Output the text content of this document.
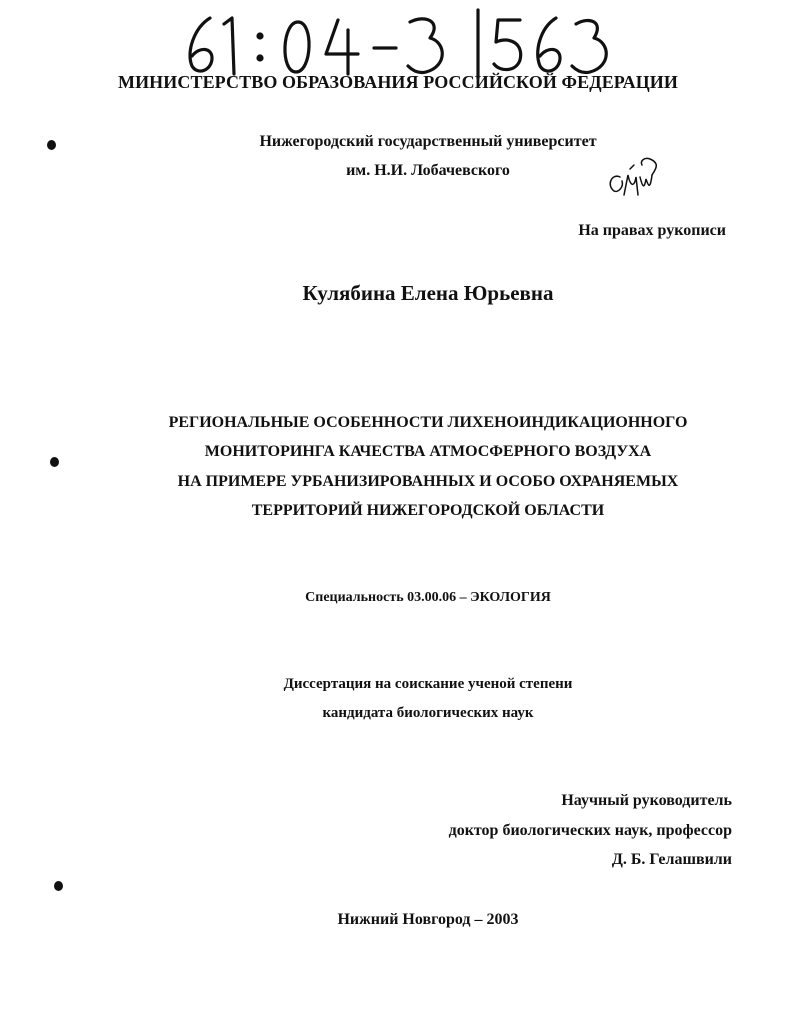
МИНИСТЕРСТВО ОБРАЗОВАНИЯ РОССИЙСКОЙ ФЕДЕРАЦИИ
Нижегородский государственный университет
им. Н.И. Лобачевского
На правах рукописи
Кулябина Елена Юрьевна
РЕГИОНАЛЬНЫЕ ОСОБЕННОСТИ ЛИХЕНОИНДИКАЦИОННОГО
МОНИТОРИНГА КАЧЕСТВА АТМОСФЕРНОГО ВОЗДУХА
НА ПРИМЕРЕ УРБАНИЗИРОВАННЫХ И ОСОБО ОХРАНЯЕМЫХ
ТЕРРИТОРИЙ НИЖЕГОРОДСКОЙ ОБЛАСТИ
Специальность 03.00.06 – ЭКОЛОГИЯ
Диссертация на соискание ученой степени
кандидата биологических наук
Научный руководитель
доктор биологических наук, профессор
Д. Б. Гелашвили
Нижний Новгород – 2003
